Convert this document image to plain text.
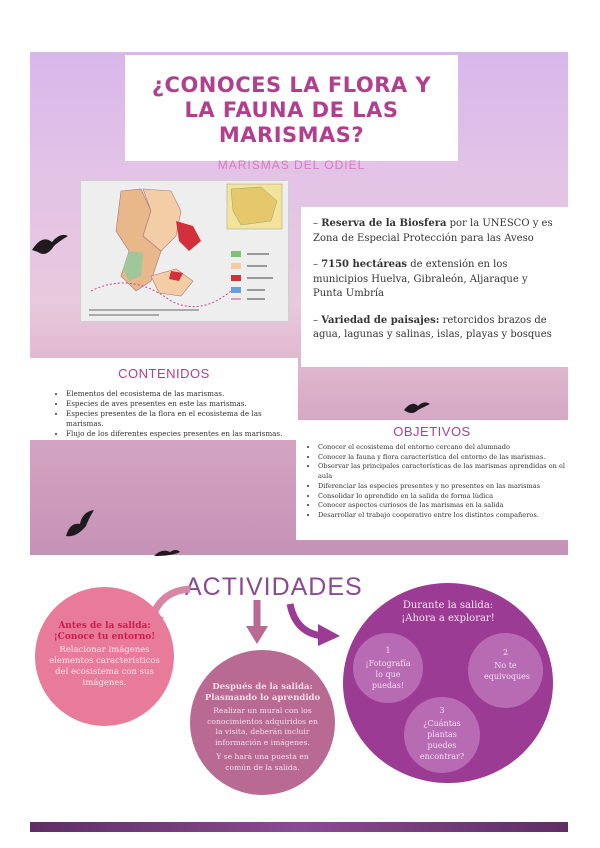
¿CONOCES LA FLORA Y LA FAUNA DE LAS MARISMAS?
MARISMAS DEL ODIEL

– Reserva de la Biosfera por la UNESCO y es Zona de Especial Protección para las Aveso

– 7150 hectáreas de extensión en los municipios Huelva, Gibraleón, Aljaraque y Punta Umbría

– Variedad de paisajes: retorcidos brazos de agua, lagunas y salinas, islas, playas y bosques

CONTENIDOS
• Elementos del ecosistema de las marismas.
• Especies de aves presentes en este las marismas.
• Especies presentes de la flora en el ecosistema de las marismas.
• Flujo de los diferentes especies presentes en las marismas.	OBJETIVOS
• Conocer el ecosistema del entorno cercano del alumnado
• Conocer la fauna y flora característica del entorno de las marismas.
• Observar las principales características de las marismas aprendidas en el aula
• Diferenciar las especies presentes y no presentes en las marismas
• Consolidar lo aprendido en la salida de forma lúdica
• Conocer aspectos curiosos de las marismas en la salida
• Desarrollar el trabajo cooperativo entre los distintos compañeros.
ACTIVIDADES
Antes de la salida:
¡Conoce tu entorno!
Relacionar imágenes elementos característicos del ecosistema con sus imágenes.	Después de la salida:
Plasmando lo aprendido
Realizar un mural con los conocimientos adquiridos en la visita, deberán incluir información e imágenes.
Y se hará una puesta en común de la salida.
Durante la salida:
¡Ahora a explorar!
1
¡Fotografía lo que puedas!
2
No te equivoques
3
¿Cuántas plantas puedes encontrar?
